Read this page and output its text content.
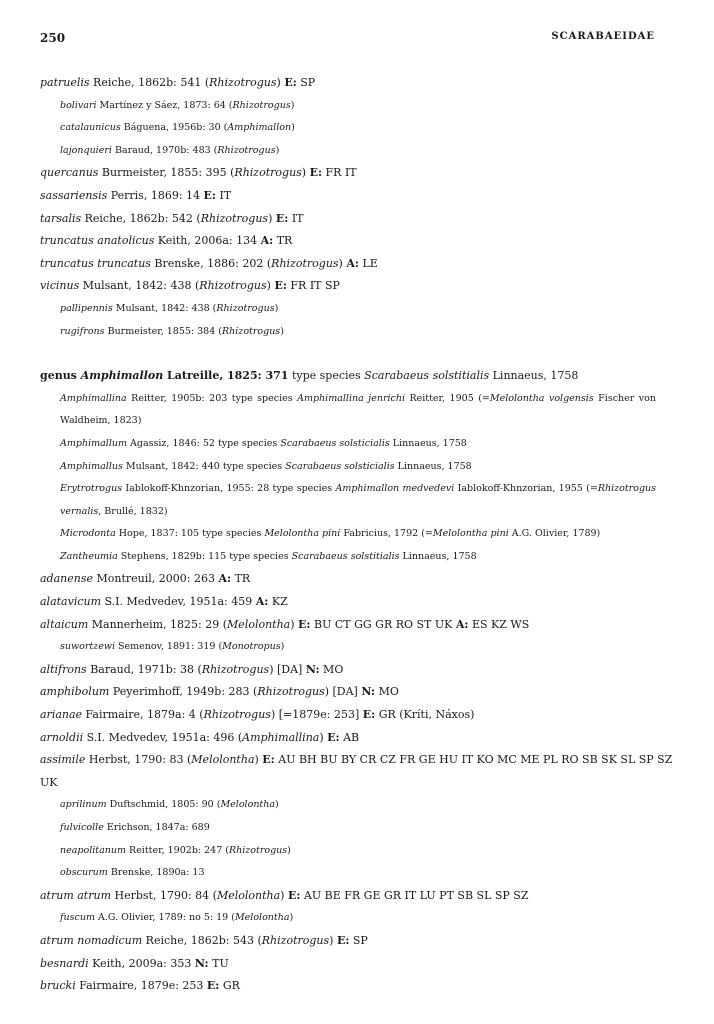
250	SCARABAEIDAE
patruelis Reiche, 1862b: 541 (Rhizotrogus) E: SP
bolivari Martínez y Sáez, 1873: 64 (Rhizotrogus)
catalaunicus Báguena, 1956b: 30 (Amphimallon)
lajonquieri Baraud, 1970b: 483 (Rhizotrogus)
quercanus Burmeister, 1855: 395 (Rhizotrogus) E: FR IT
sassariensis Perris, 1869: 14 E: IT
tarsalis Reiche, 1862b: 542 (Rhizotrogus) E: IT
truncatus anatolicus Keith, 2006a: 134 A: TR
truncatus truncatus Brenske, 1886: 202 (Rhizotrogus) A: LE
vicinus Mulsant, 1842: 438 (Rhizotrogus) E: FR IT SP
pallipennis Mulsant, 1842: 438 (Rhizotrogus)
rugifrons Burmeister, 1855: 384 (Rhizotrogus)
genus Amphimallon Latreille, 1825: 371 type species Scarabaeus solstitialis Linnaeus, 1758
Amphimallina Reitter, 1905b: 203 type species Amphimallina jenrichi Reitter, 1905 (=Melolontha volgensis Fischer von Waldheim, 1823)
Amphimallum Agassiz, 1846: 52 type species Scarabaeus solsticialis Linnaeus, 1758
Amphimallus Mulsant, 1842: 440 type species Scarabaeus solsticialis Linnaeus, 1758
Erytrotrogus Iablokoff-Khnzorian, 1955: 28 type species Amphimallon medvedevi Iablokoff-Khnzorian, 1955 (=Rhizotrogus vernalis, Brullé, 1832)
Microdonta Hope, 1837: 105 type species Melolontha pini Fabricius, 1792 (=Melolontha pini A.G. Olivier, 1789)
Zantheumia Stephens, 1829b: 115 type species Scarabaeus solstitialis Linnaeus, 1758
adanense Montreuil, 2000: 263 A: TR
alatavicum S.I. Medvedev, 1951a: 459 A: KZ
altaicum Mannerheim, 1825: 29 (Melolontha) E: BU CT GG GR RO ST UK A: ES KZ WS
suwortzewi Semenov, 1891: 319 (Monotropus)
altifrons Baraud, 1971b: 38 (Rhizotrogus) [DA] N: MO
amphibolum Peyerimhoff, 1949b: 283 (Rhizotrogus) [DA] N: MO
arianae Fairmaire, 1879a: 4 (Rhizotrogus) [=1879e: 253] E: GR (Kríti, Náxos)
arnoldii S.I. Medvedev, 1951a: 496 (Amphimallina) E: AB
assimile Herbst, 1790: 83 (Melolontha) E: AU BH BU BY CR CZ FR GE HU IT KO MC ME PL RO SB SK SL SP SZ
UK
aprilinum Duftschmid, 1805: 90 (Melolontha)
fulvicolle Erichson, 1847a: 689
neapolitanum Reitter, 1902b: 247 (Rhizotrogus)
obscurum Brenske, 1890a: 13
atrum atrum Herbst, 1790: 84 (Melolontha) E: AU BE FR GE GR IT LU PT SB SL SP SZ
fuscum A.G. Olivier, 1789: no 5: 19 (Melolontha)
atrum nomadicum Reiche, 1862b: 543 (Rhizotrogus) E: SP
besnardi Keith, 2009a: 353 N: TU
brucki Fairmaire, 1879e: 253 E: GR
